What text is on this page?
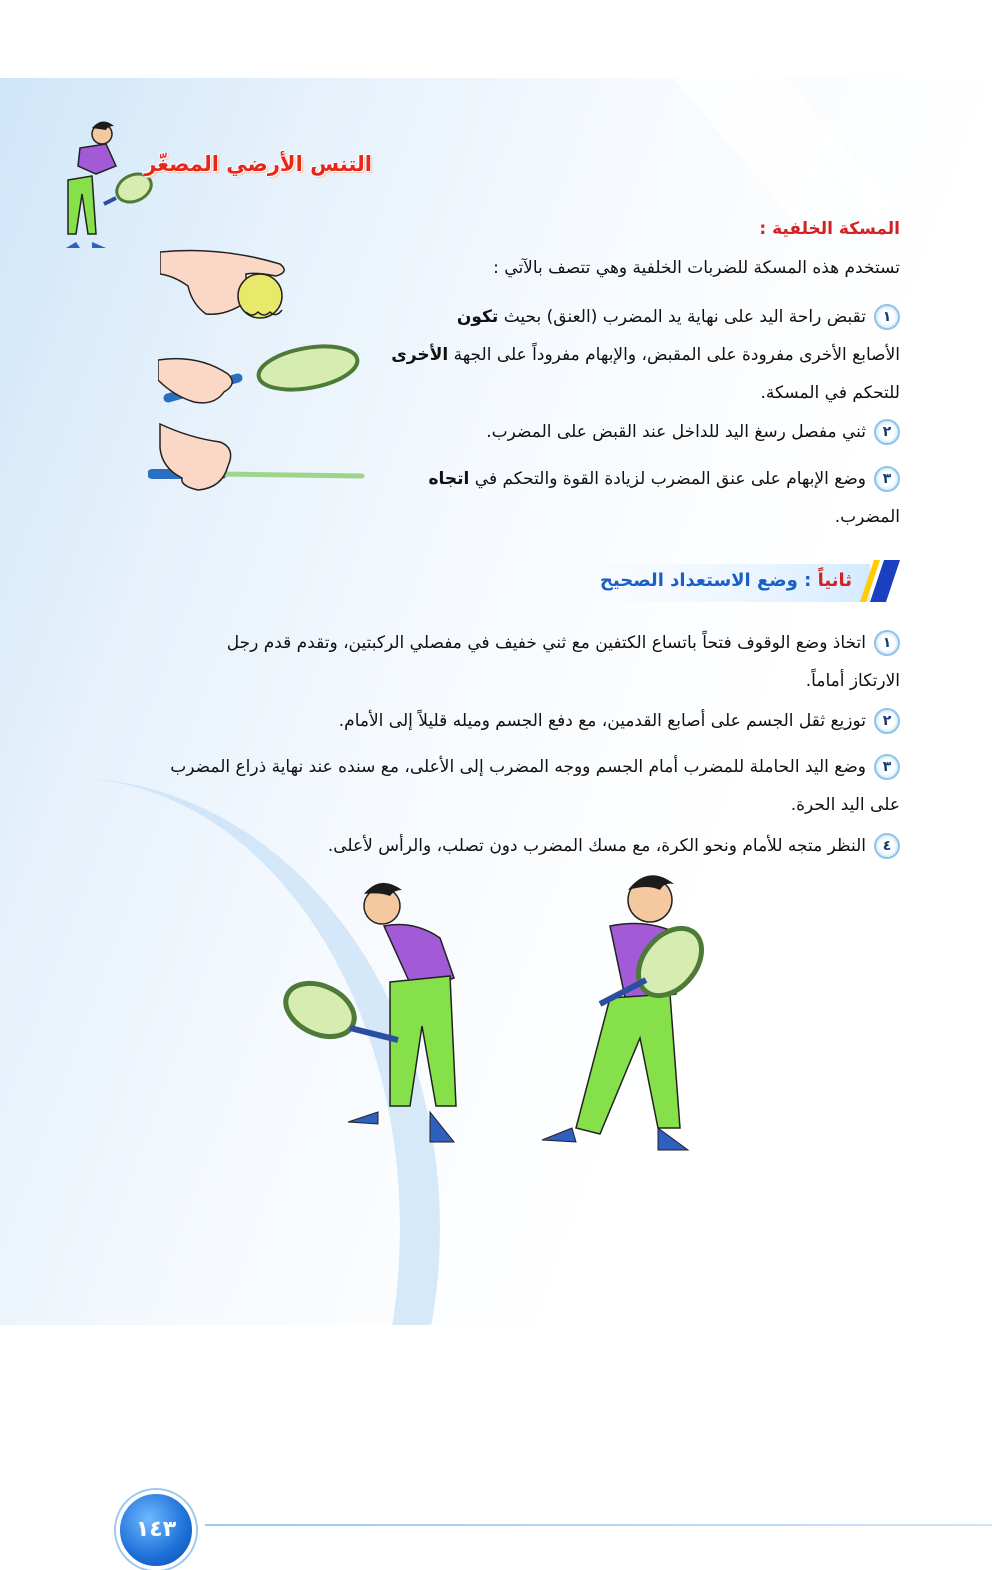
التنس الأرضي المصغّر
المسكة الخلفية :
تستخدم هذه المسكة للضربات الخلفية وهي تتصف بالآتي :
١تقبض راحة اليد على نهاية يد المضرب (العنق) بحيث تكون
الأصابع الأخرى مفرودة على المقبض، والإبهام مفروداً على الجهة الأخرى
للتحكم في المسكة.
٢ثني مفصل رسغ اليد للداخل عند القبض على المضرب.
٣وضع الإبهام على عنق المضرب لزيادة القوة والتحكم في اتجاه
المضرب.
ثانياً : وضع الاستعداد الصحيح
١اتخاذ وضع الوقوف فتحاً باتساع الكتفين مع ثني خفيف في مفصلي الركبتين، وتقدم قدم رجل
الارتكاز أماماً.
٢توزيع ثقل الجسم على أصابع القدمين، مع دفع الجسم وميله قليلاً إلى الأمام.
٣وضع اليد الحاملة للمضرب أمام الجسم ووجه المضرب إلى الأعلى، مع سنده عند نهاية ذراع المضرب
على اليد الحرة.
٤النظر متجه للأمام ونحو الكرة، مع مسك المضرب دون تصلب، والرأس لأعلى.
١٤٣
